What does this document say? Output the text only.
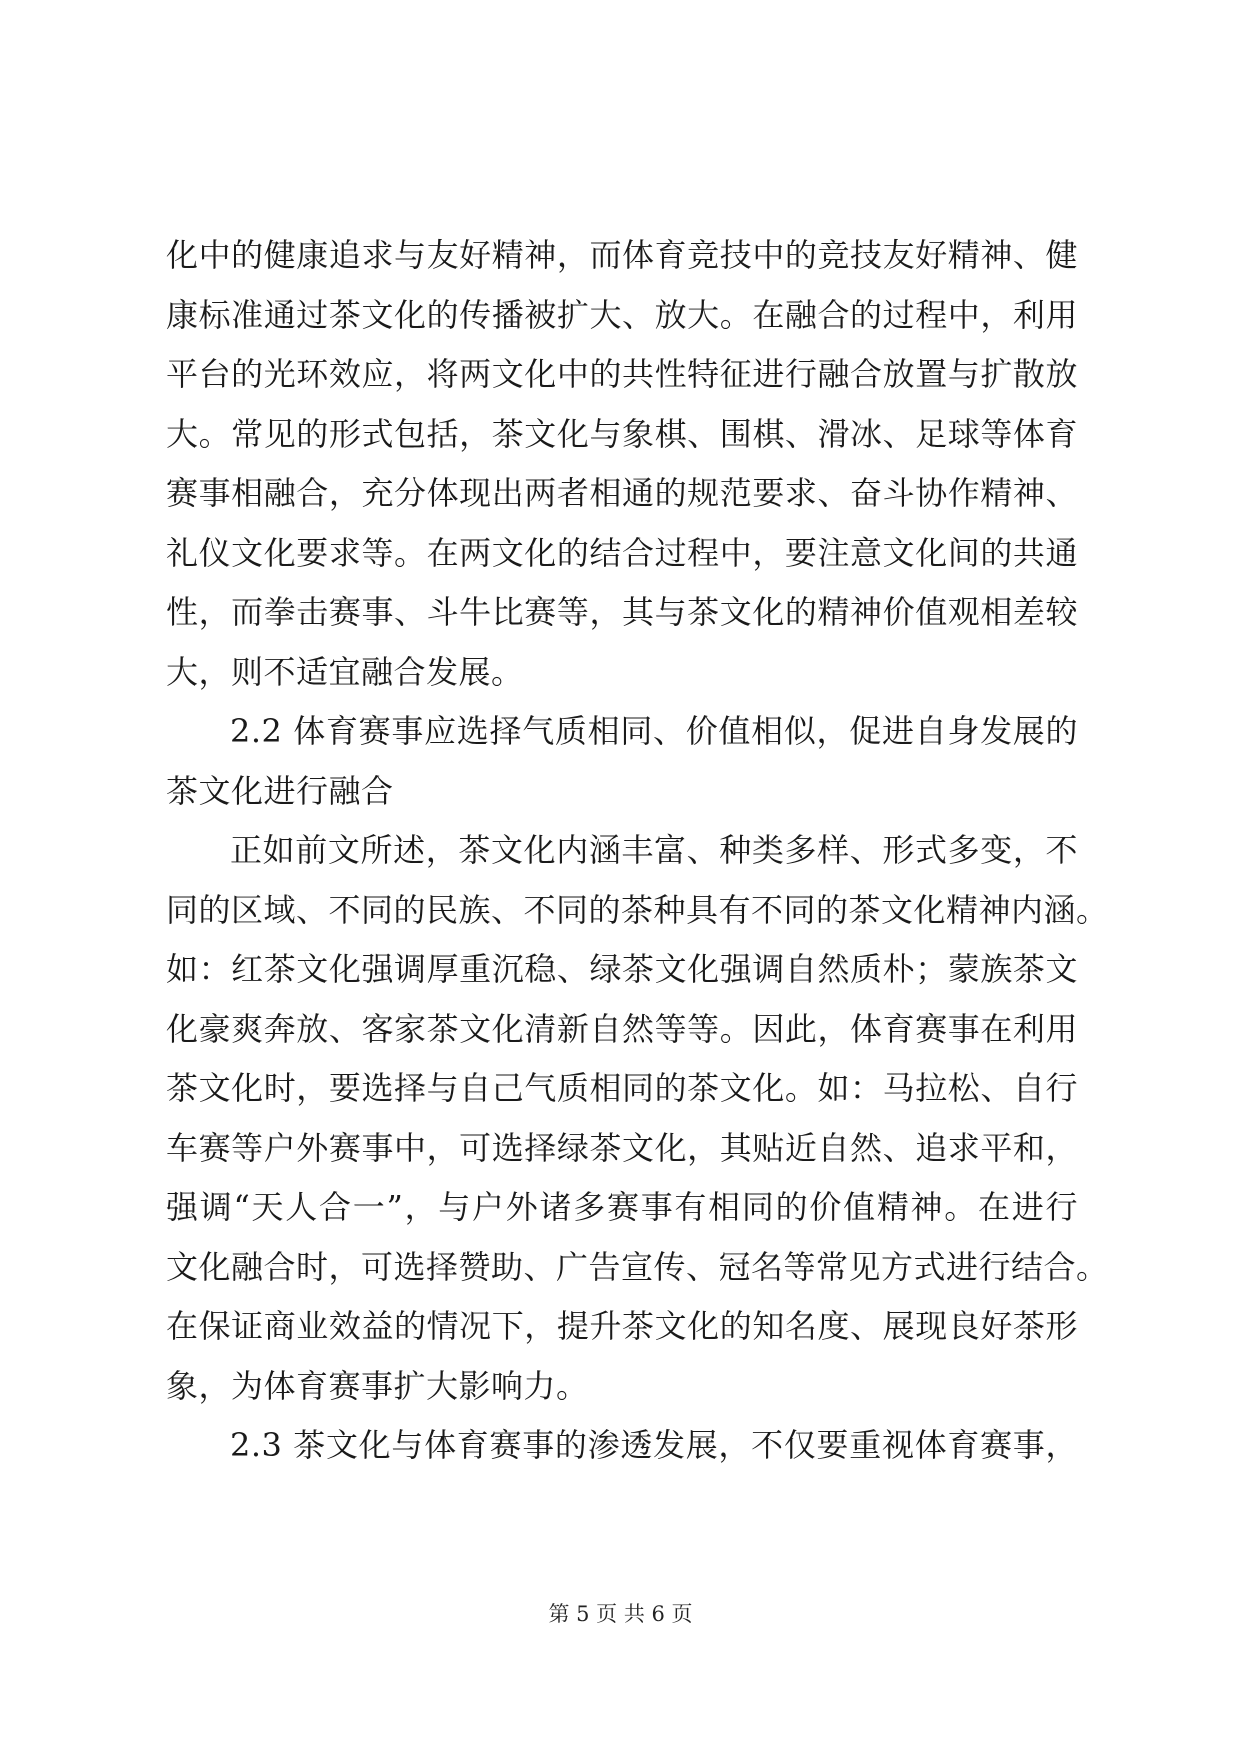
化中的健康追求与友好精神，而体育竞技中的竞技友好精神、健
康标准通过茶文化的传播被扩大、放大。在融合的过程中，利用
平台的光环效应，将两文化中的共性特征进行融合放置与扩散放
大。常见的形式包括，茶文化与象棋、围棋、滑冰、足球等体育
赛事相融合，充分体现出两者相通的规范要求、奋斗协作精神、
礼仪文化要求等。在两文化的结合过程中，要注意文化间的共通
性，而拳击赛事、斗牛比赛等，其与茶文化的精神价值观相差较
大，则不适宜融合发展。
2.2 体育赛事应选择气质相同、价值相似，促进自身发展的
茶文化进行融合
正如前文所述，茶文化内涵丰富、种类多样、形式多变，不
同的区域、不同的民族、不同的茶种具有不同的茶文化精神内涵。
如：红茶文化强调厚重沉稳、绿茶文化强调自然质朴；蒙族茶文
化豪爽奔放、客家茶文化清新自然等等。因此，体育赛事在利用
茶文化时，要选择与自己气质相同的茶文化。如：马拉松、自行
车赛等户外赛事中，可选择绿茶文化，其贴近自然、追求平和，
强调“天人合一”，与户外诸多赛事有相同的价值精神。在进行
文化融合时，可选择赞助、广告宣传、冠名等常见方式进行结合。
在保证商业效益的情况下，提升茶文化的知名度、展现良好茶形
象，为体育赛事扩大影响力。
2.3 茶文化与体育赛事的渗透发展，不仅要重视体育赛事，
第 5 页 共 6 页
